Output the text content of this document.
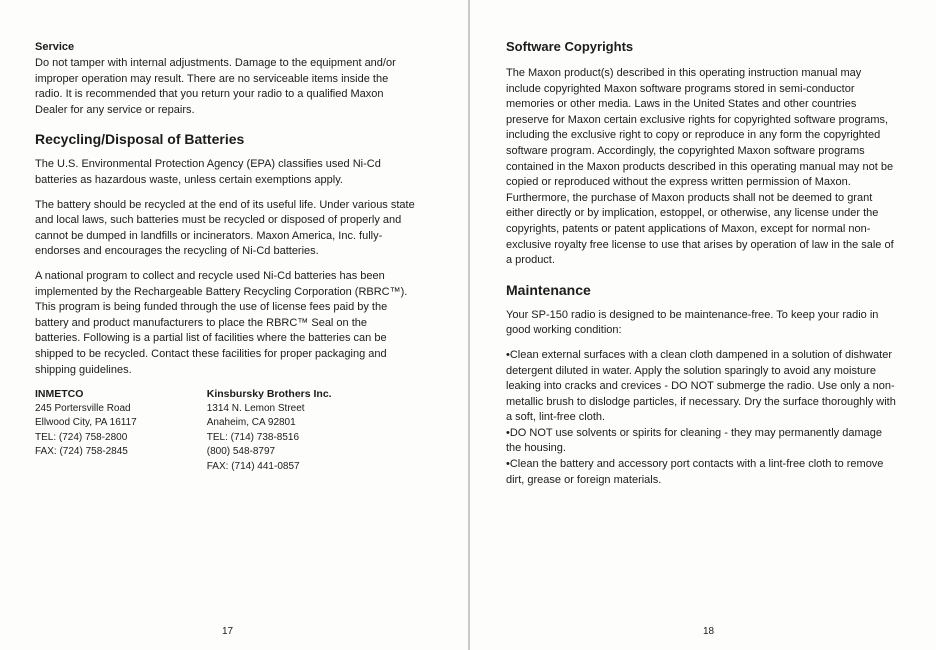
Service

Do not tamper with internal adjustments. Damage to the equipment and/or improper operation may result. There are no serviceable items inside the radio. It is recommended that you return your radio to a qualified Maxon Dealer for any service or repairs.

Recycling/Disposal of Batteries

The U.S. Environmental Protection Agency (EPA) classifies used Ni-Cd batteries as hazardous waste, unless certain exemptions apply.

The battery should be recycled at the end of its useful life. Under various state and local laws, such batteries must be recycled or disposed of properly and cannot be dumped in landfills or incinerators. Maxon America, Inc. fully-endorses and encourages the recycling of Ni-Cd batteries.

A national program to collect and recycle used Ni-Cd batteries has been implemented by the Rechargeable Battery Recycling Corporation (RBRC™). This program is being funded through the use of license fees paid by the battery and product manufacturers to place the RBRC™ Seal on the batteries. Following is a partial list of facilities where the batteries can be shipped to be recycled. Contact these facilities for proper packaging and shipping guidelines.

INMETCO
245 Portersville Road
Ellwood City, PA 16117
TEL: (724) 758-2800
FAX: (724) 758-2845
Kinsbursky Brothers Inc.
1314 N. Lemon Street
Anaheim, CA 92801
TEL: (714) 738-8516
(800) 548-8797
FAX: (714) 441-0857
17
Software Copyrights

The Maxon product(s) described in this operating instruction manual may include copyrighted Maxon software programs stored in semi-conductor memories or other media. Laws in the United States and other countries preserve for Maxon certain exclusive rights for copyrighted software programs, including the exclusive right to copy or reproduce in any form the copyrighted software program. Accordingly, the copyrighted Maxon software programs contained in the Maxon products described in this operating manual may not be copied or reproduced without the express written permission of Maxon. Furthermore, the purchase of Maxon products shall not be deemed to grant either directly or by implication, estoppel, or otherwise, any license under the copyrights, patents or patent applications of Maxon, except for normal non-exclusive royalty free license to use that arises by operation of law in the sale of a product.

Maintenance

Your SP-150 radio is designed to be maintenance-free. To keep your radio in good working condition:

• Clean external surfaces with a clean cloth dampened in a solution of dishwater detergent diluted in water. Apply the solution sparingly to avoid any moisture leaking into cracks and crevices - DO NOT submerge the radio. Use only a non-metallic brush to dislodge particles, if necessary. Dry the surface thoroughly with a soft, lint-free cloth.
• DO NOT use solvents or spirits for cleaning - they may permanently damage the housing.
• Clean the battery and accessory port contacts with a lint-free cloth to remove dirt, grease or foreign materials.
18
